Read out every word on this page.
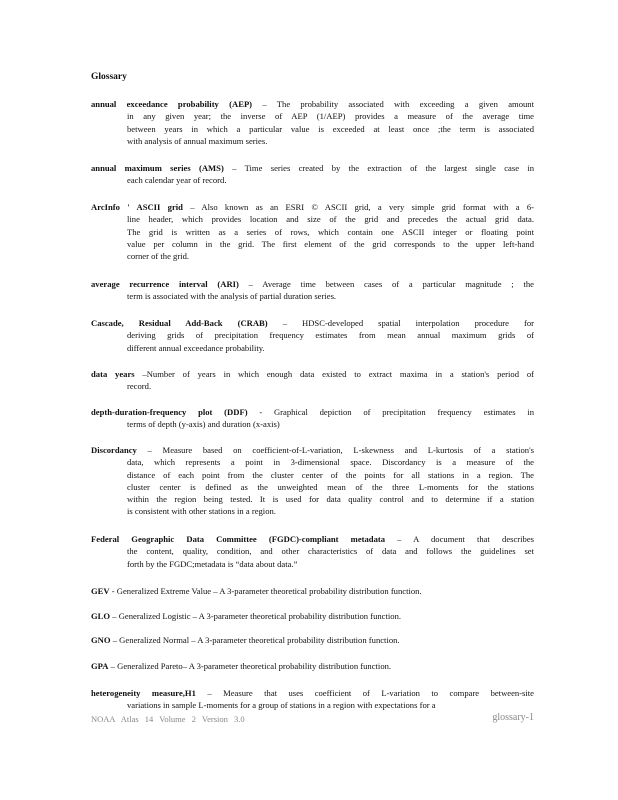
Glossary
annual exceedance probability (AEP) – The probability associated with exceeding a given amount
in any given year; the inverse of AEP (1/AEP) provides a measure of the average time
between years in which a particular value is exceeded at least once ;the term is associated
with analysis of annual maximum series.
annual maximum series (AMS) – Time series created by the extraction of the largest single case in
each calendar year of record.
ArcInfo ' ASCII grid – Also known as an ESRI © ASCII grid, a very simple grid format with a 6-
line header, which provides location and size of the grid and precedes the actual grid data.
The grid is written as a series of rows, which contain one ASCII integer or floating point
value per column in the grid. The first element of the grid corresponds to the upper left-hand
corner of the grid.
average recurrence interval (ARI) – Average time between cases of a particular magnitude ; the
term is associated with the analysis of partial duration series.
Cascade, Residual Add-Back (CRAB) – HDSC-developed spatial interpolation procedure for
deriving grids of precipitation frequency estimates from mean annual maximum grids of
different annual exceedance probability.
data years –Number of years in which enough data existed to extract maxima in a station's period of
record.
depth-duration-frequency plot (DDF) - Graphical depiction of precipitation frequency estimates in
terms of depth (y-axis) and duration (x-axis)
Discordancy – Measure based on coefficient-of-L-variation, L-skewness and L-kurtosis of a station's
data, which represents a point in 3-dimensional space. Discordancy is a measure of the
distance of each point from the cluster center of the points for all stations in a region. The
cluster center is defined as the unweighted mean of the three L-moments for the stations
within the region being tested. It is used for data quality control and to determine if a station
is consistent with other stations in a region.
Federal Geographic Data Committee (FGDC)-compliant metadata – A document that describes
the content, quality, condition, and other characteristics of data and follows the guidelines set
forth by the FGDC;metadata is “data about data.”
GEV - Generalized Extreme Value – A 3-parameter theoretical probability distribution function.
GLO – Generalized Logistic – A 3-parameter theoretical probability distribution function.
GNO – Generalized Normal – A 3-parameter theoretical probability distribution function.
GPA – Generalized Pareto– A 3-parameter theoretical probability distribution function.
heterogeneity measure,H1 – Measure that uses coefficient of L-variation to compare between-site
variations in sample L-moments for a group of stations in a region with expectations for a
NOAA Atlas 14 Volume 2 Version 3.0	glossary-1
